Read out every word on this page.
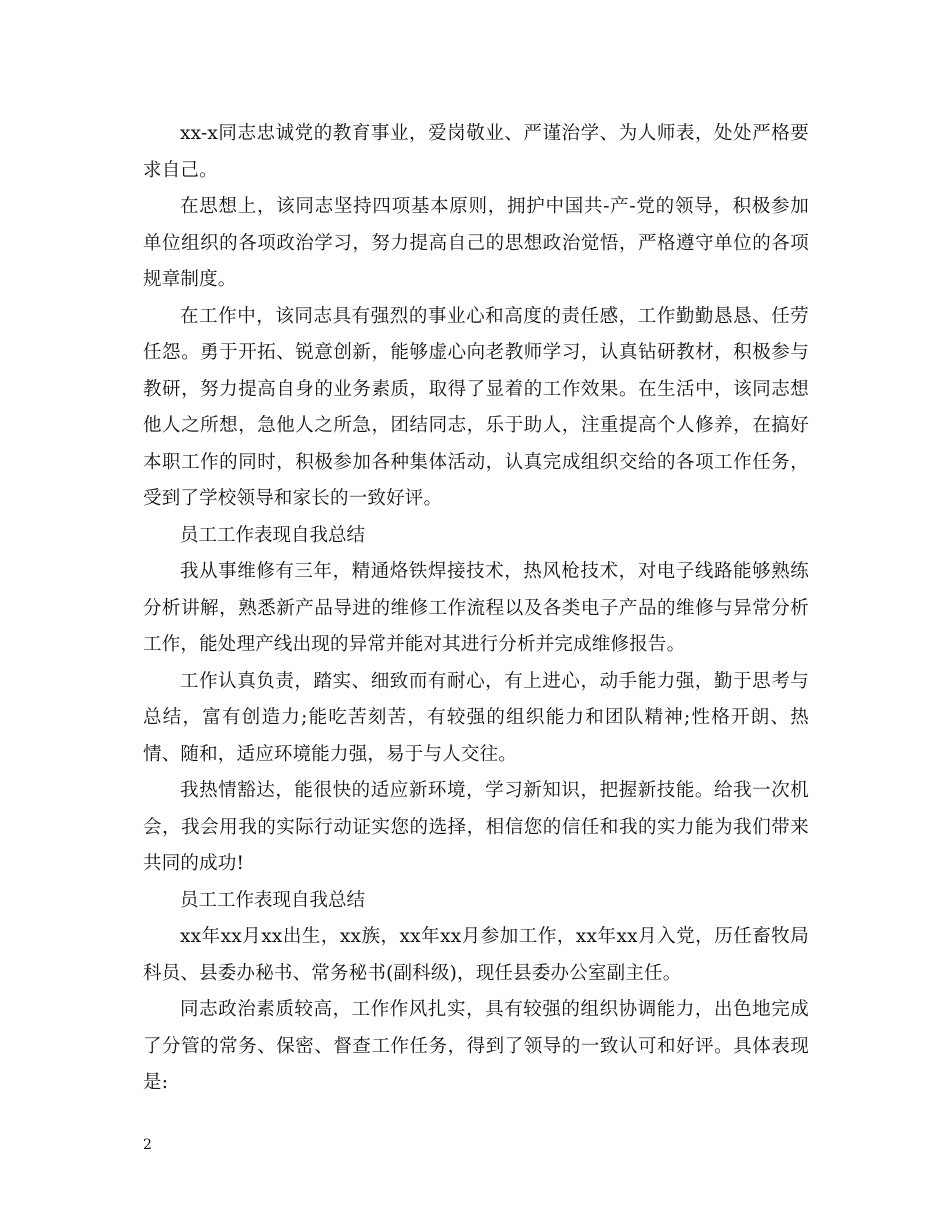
xx-x同志忠诚党的教育事业，爱岗敬业、严谨治学、为人师表，处处严格要求自己。

在思想上，该同志坚持四项基本原则，拥护中国共-产-党的领导，积极参加单位组织的各项政治学习，努力提高自己的思想政治觉悟，严格遵守单位的各项规章制度。

在工作中，该同志具有强烈的事业心和高度的责任感，工作勤勤恳恳、任劳任怨。勇于开拓、锐意创新，能够虚心向老教师学习，认真钻研教材，积极参与教研，努力提高自身的业务素质，取得了显着的工作效果。在生活中，该同志想他人之所想，急他人之所急，团结同志，乐于助人，注重提高个人修养，在搞好本职工作的同时，积极参加各种集体活动，认真完成组织交给的各项工作任务，受到了学校领导和家长的一致好评。

员工工作表现自我总结

我从事维修有三年，精通烙铁焊接技术，热风枪技术，对电子线路能够熟练分析讲解，熟悉新产品导进的维修工作流程以及各类电子产品的维修与异常分析工作，能处理产线出现的异常并能对其进行分析并完成维修报告。

工作认真负责，踏实、细致而有耐心，有上进心，动手能力强，勤于思考与总结，富有创造力;能吃苦刻苦，有较强的组织能力和团队精神;性格开朗、热情、随和，适应环境能力强，易于与人交往。

我热情豁达，能很快的适应新环境，学习新知识，把握新技能。给我一次机会，我会用我的实际行动证实您的选择，相信您的信任和我的实力能为我们带来共同的成功!

员工工作表现自我总结

xx年xx月xx出生，xx族，xx年xx月参加工作，xx年xx月入党，历任畜牧局科员、县委办秘书、常务秘书(副科级)，现任县委办公室副主任。

同志政治素质较高，工作作风扎实，具有较强的组织协调能力，出色地完成了分管的常务、保密、督查工作任务，得到了领导的一致认可和好评。具体表现是:

2
